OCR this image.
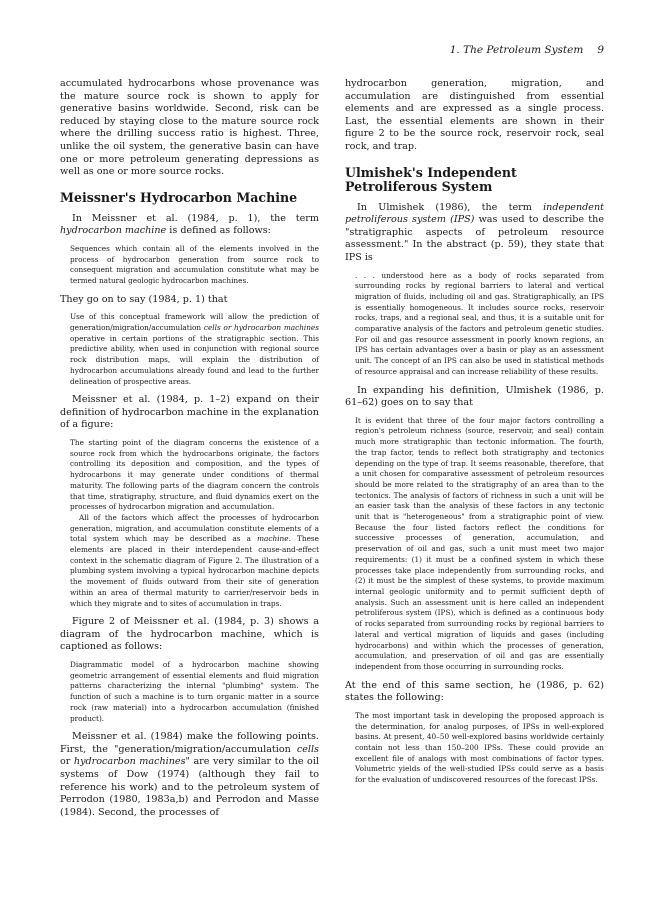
1. The Petroleum System 9

accumulated hydrocarbons whose provenance was the mature source rock is shown to apply for generative basins worldwide. Second, risk can be reduced by staying close to the mature source rock where the drilling success ratio is highest. Three, unlike the oil system, the generative basin can have one or more petroleum generating depressions as well as one or more source rocks.

Meissner's Hydrocarbon Machine

In Meissner et al. (1984, p. 1), the term hydrocarbon machine is defined as follows:

Sequences which contain all of the elements involved in the process of hydrocarbon generation from source rock to consequent migration and accumulation constitute what may be termed natural geologic hydrocarbon machines.

They go on to say (1984, p. 1) that

Use of this conceptual framework will allow the prediction of generation/migration/accumulation cells or hydrocarbon machines operative in certain portions of the stratigraphic section. This predictive ability, when used in conjunction with regional source rock distribution maps, will explain the distribution of hydrocarbon accumulations already found and lead to the further delineation of prospective areas.

Meissner et al. (1984, p. 1–2) expand on their definition of hydrocarbon machine in the explanation of a figure:

The starting point of the diagram concerns the existence of a source rock from which the hydrocarbons originate, the factors controlling its deposition and composition, and the types of hydrocarbons it may generate under conditions of thermal maturity. The following parts of the diagram concern the controls that time, stratigraphy, structure, and fluid dynamics exert on the processes of hydrocarbon migration and accumulation.
All of the factors which affect the processes of hydrocarbon generation, migration, and accumulation constitute elements of a total system which may be described as a machine. These elements are placed in their interdependent cause-and-effect context in the schematic diagram of Figure 2. The illustration of a plumbing system involving a typical hydrocarbon machine depicts the movement of fluids outward from their site of generation within an area of thermal maturity to carrier/reservoir beds in which they migrate and to sites of accumulation in traps.

Figure 2 of Meissner et al. (1984, p. 3) shows a diagram of the hydrocarbon machine, which is captioned as follows:

Diagrammatic model of a hydrocarbon machine showing geometric arrangement of essential elements and fluid migration patterns characterizing the internal "plumbing" system. The function of such a machine is to turn organic matter in a source rock (raw material) into a hydrocarbon accumulation (finished product).

Meissner et al. (1984) make the following points. First, the "generation/migration/accumulation cells or hydrocarbon machines" are very similar to the oil systems of Dow (1974) (although they fail to reference his work) and to the petroleum system of Perrodon (1980, 1983a,b) and Perrodon and Masse (1984). Second, the processes of

hydrocarbon generation, migration, and accumulation are distinguished from essential elements and are expressed as a single process. Last, the essential elements are shown in their figure 2 to be the source rock, reservoir rock, seal rock, and trap.

Ulmishek's Independent Petroliferous System

In Ulmishek (1986), the term independent petroliferous system (IPS) was used to describe the "stratigraphic aspects of petroleum resource assessment." In the abstract (p. 59), they state that IPS is

. . . understood here as a body of rocks separated from surrounding rocks by regional barriers to lateral and vertical migration of fluids, including oil and gas. Stratigraphically, an IPS is essentially homogeneous. It includes source rocks, reservoir rocks, traps, and a regional seal, and thus, it is a suitable unit for comparative analysis of the factors and petroleum genetic studies. For oil and gas resource assessment in poorly known regions, an IPS has certain advantages over a basin or play as an assessment unit. The concept of an IPS can also be used in statistical methods of resource appraisal and can increase reliability of these results.

In expanding his definition, Ulmishek (1986, p. 61–62) goes on to say that

It is evident that three of the four major factors controlling a region's petroleum richness (source, reservoir, and seal) contain much more stratigraphic than tectonic information. The fourth, the trap factor, tends to reflect both stratigraphy and tectonics depending on the type of trap. It seems reasonable, therefore, that a unit chosen for comparative assessment of petroleum resources should be more related to the stratigraphy of an area than to the tectonics. The analysis of factors of richness in such a unit will be an easier task than the analysis of these factors in any tectonic unit that is "heterogeneous" from a stratigraphic point of view. Because the four listed factors reflect the conditions for successive processes of generation, accumulation, and preservation of oil and gas, such a unit must meet two major requirements: (1) it must be a confined system in which these processes take place independently from surrounding rocks, and (2) it must be the simplest of these systems, to provide maximum internal geologic uniformity and to permit sufficient depth of analysis. Such an assessment unit is here called an independent petroliferous system (IPS), which is defined as a continuous body of rocks separated from surrounding rocks by regional barriers to lateral and vertical migration of liquids and gases (including hydrocarbons) and within which the processes of generation, accumulation, and preservation of oil and gas are essentially independent from those occurring in surrounding rocks.

At the end of this same section, he (1986, p. 62) states the following:

The most important task in developing the proposed approach is the determination, for analog purposes, of IPSs in well-explored basins. At present, 40–50 well-explored basins worldwide certainly contain not less than 150–200 IPSs. These could provide an excellent file of analogs with most combinations of factor types. Volumetric yields of the well-studied IPSs could serve as a basis for the evaluation of undiscovered resources of the forecast IPSs.
